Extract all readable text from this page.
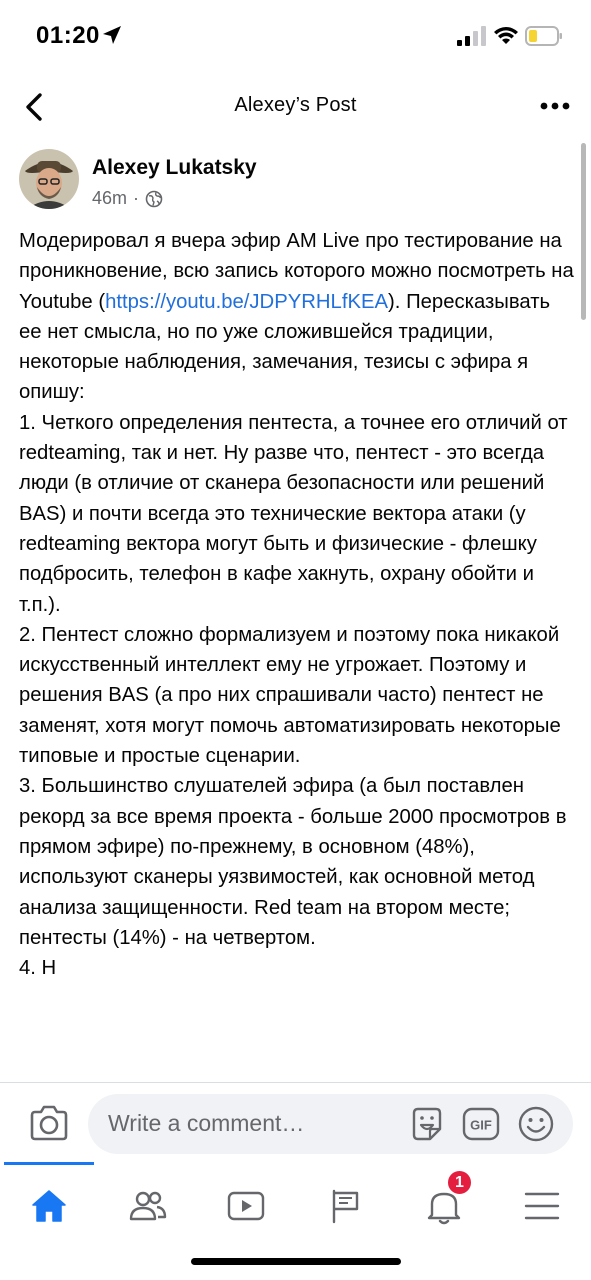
01:20
Alexey’s Post
Alexey Lukatsky
46m ·
Модерировал я вчера эфир AM Live про тестирование на проникновение, всю запись которого можно посмотреть на Youtube (https://youtu.be/JDPYRHLfKEA). Пересказывать ее нет смысла, но по уже сложившейся традиции, некоторые наблюдения, замечания, тезисы с эфира я опишу:
1. Четкого определения пентеста, а точнее его отличий от redteaming, так и нет. Ну разве что, пентест - это всегда люди (в отличие от сканера безопасности или решений BAS) и почти всегда это технические вектора атаки (у redteaming вектора могут быть и физические - флешку подбросить, телефон в кафе хакнуть, охрану обойти и т.п.).
2. Пентест сложно формализуем и поэтому пока никакой искусственный интеллект ему не угрожает. Поэтому и решения BAS (а про них спрашивали часто) пентест не заменят, хотя могут помочь автоматизировать некоторые типовые и простые сценарии.
3. Большинство слушателей эфира (а был поставлен рекорд за все время проекта - больше 2000 просмотров в прямом эфире) по-прежнему, в основном (48%), используют сканеры уязвимостей, как основной метод анализа защищенности. Red team на втором месте; пентесты (14%) - на четвертом.
4. Н
Write a comment…	GIF
1
